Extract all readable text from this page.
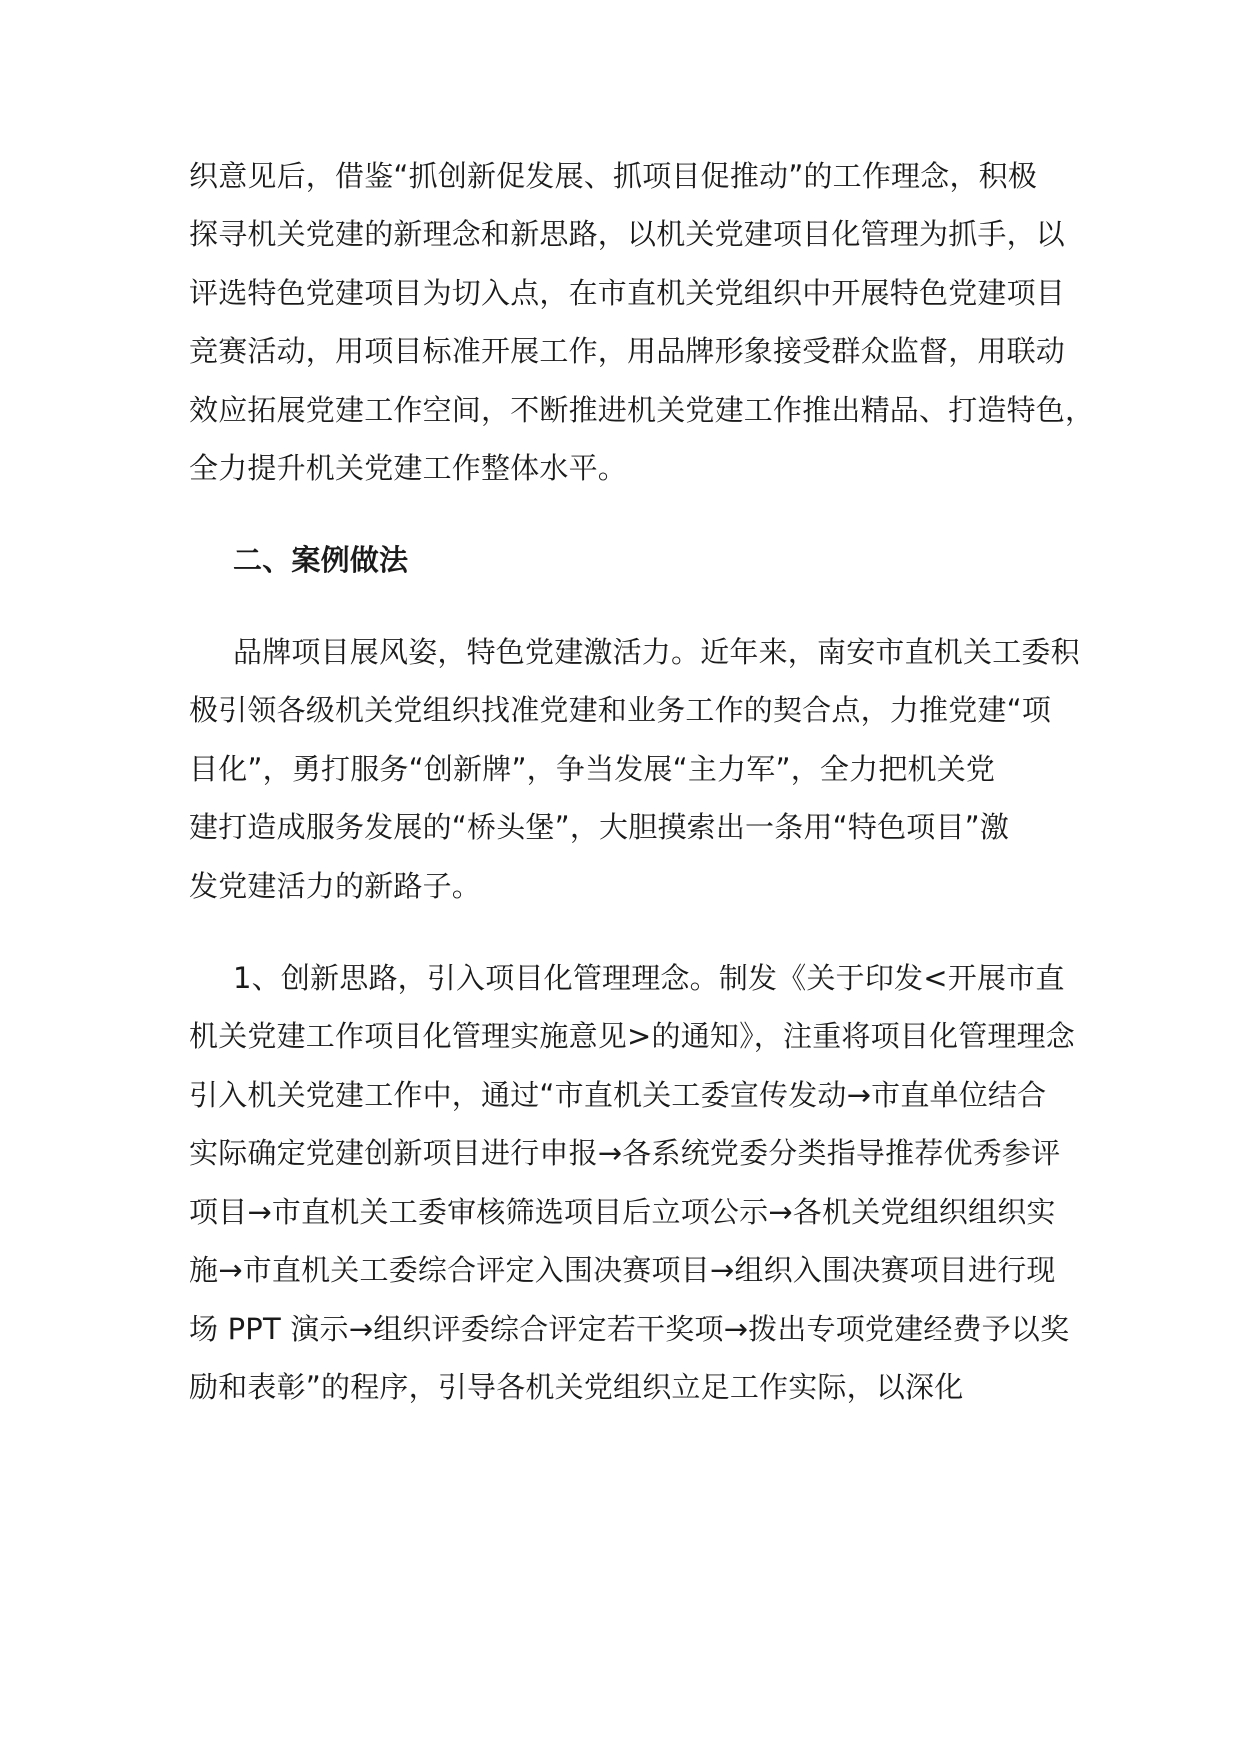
织意见后，借鉴“抓创新促发展、抓项目促推动”的工作理念，积极
探寻机关党建的新理念和新思路，以机关党建项目化管理为抓手，以
评选特色党建项目为切入点，在市直机关党组织中开展特色党建项目
竞赛活动，用项目标准开展工作，用品牌形象接受群众监督，用联动
效应拓展党建工作空间，不断推进机关党建工作推出精品、打造特色，
全力提升机关党建工作整体水平。
二、案例做法
品牌项目展风姿，特色党建激活力。近年来，南安市直机关工委积
极引领各级机关党组织找准党建和业务工作的契合点，力推党建“项
目化”，勇打服务“创新牌”，争当发展“主力军”，全力把机关党
建打造成服务发展的“桥头堡”，大胆摸索出一条用“特色项目”激
发党建活力的新路子。
1、创新思路，引入项目化管理理念。制发《关于印发<开展市直
机关党建工作项目化管理实施意见>的通知》，注重将项目化管理理念
引入机关党建工作中，通过“市直机关工委宣传发动→市直单位结合
实际确定党建创新项目进行申报→各系统党委分类指导推荐优秀参评
项目→市直机关工委审核筛选项目后立项公示→各机关党组织组织实
施→市直机关工委综合评定入围决赛项目→组织入围决赛项目进行现
场 PPT 演示→组织评委综合评定若干奖项→拨出专项党建经费予以奖
励和表彰”的程序，引导各机关党组织立足工作实际，以深化
